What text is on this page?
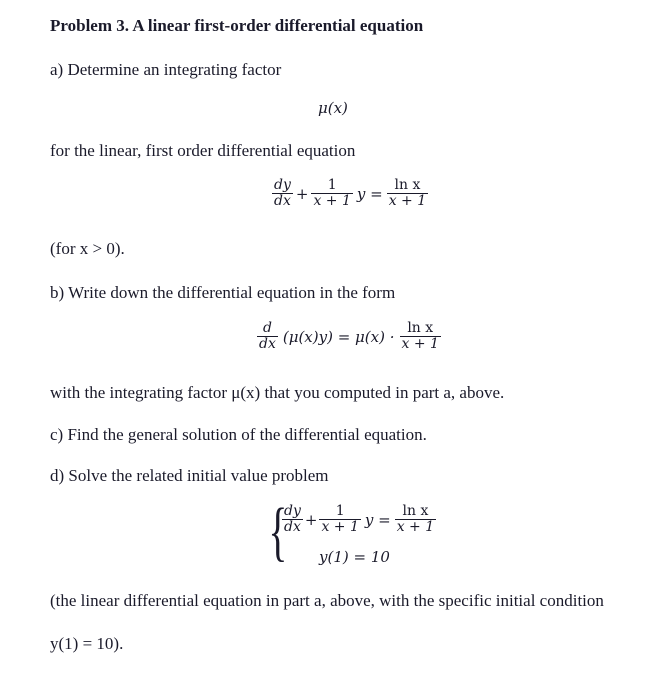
Problem 3. A linear first-order differential equation
a) Determine an integrating factor
μ(x)
for the linear, first order differential equation
$\frac{dy}{dx} + \frac{1}{x + 1}$ $y = \frac{\text{ln x}}{x + 1}$
(for x > 0).
b) Write down the differential equation in the form
$\frac{d}{dx} (\mu(x)y) = \mu(x) \cdot \frac{\text{ln x}}{x + 1}$
with the integrating factor μ(x) that you computed in part a, above.
c) Find the general solution of the differential equation.
d) Solve the related initial value problem
{
$\frac{dy}{dx} + \frac{1}{x + 1}$ $y = \frac{\text{ln x}}{x + 1}$
y(1) = 10
(the linear differential equation in part a, above, with the specific initial condition
y(1) = 10).
